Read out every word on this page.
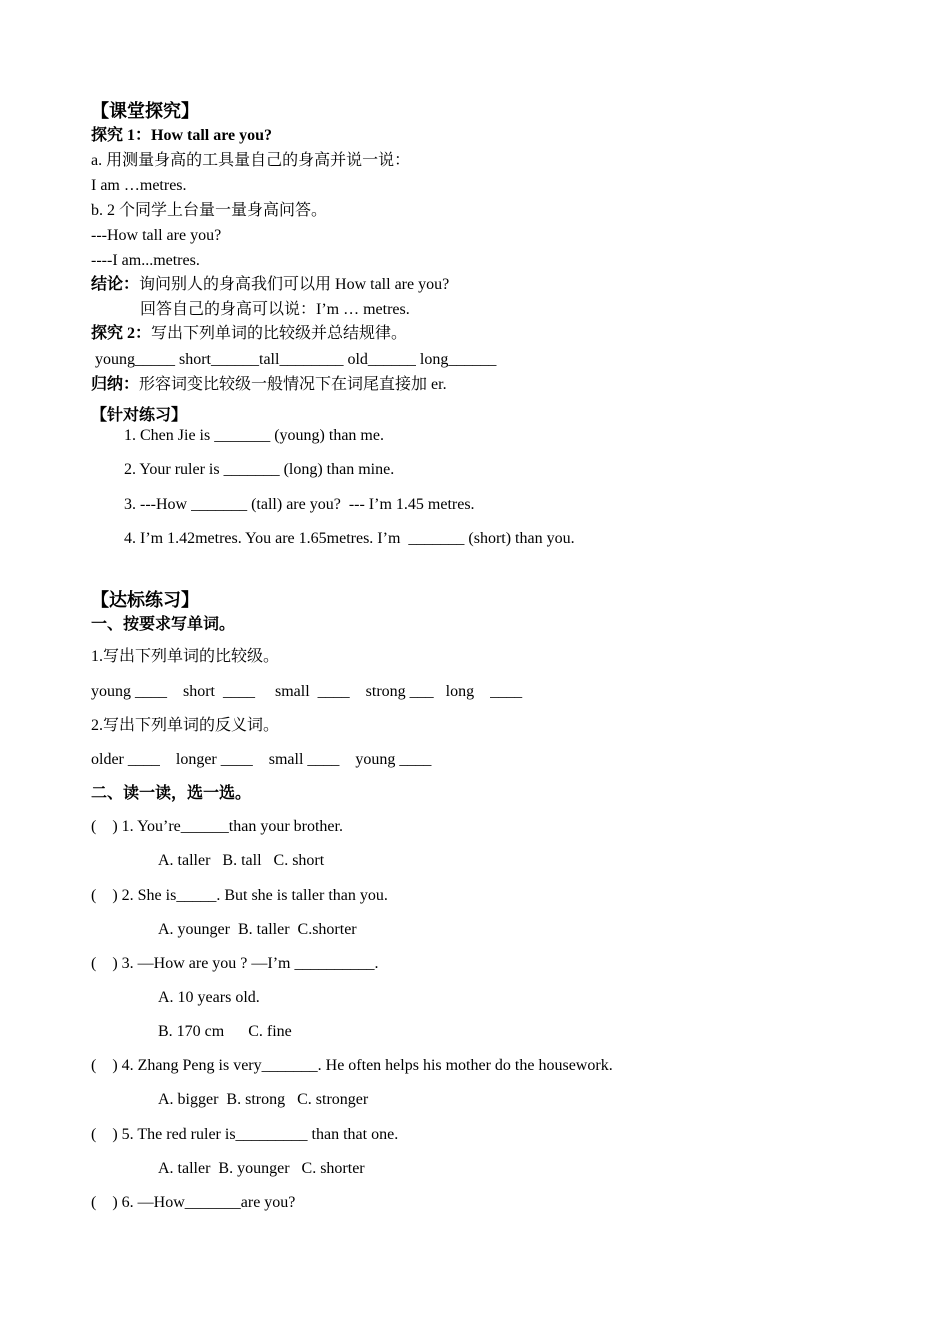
【课堂探究】
探究 1：How tall are you?
a. 用测量身高的工具量自己的身高并说一说：
I am …metres.
b. 2 个同学上台量一量身高问答。
---How tall are you?
----I am...metres.
结论：询问别人的身高我们可以用 How tall are you?
回答自己的身高可以说：I’m … metres.
探究 2：写出下列单词的比较级并总结规律。
young_____ short______tall________ old______ long______
归纳：形容词变比较级一般情况下在词尾直接加 er.
【针对练习】
1. Chen Jie is _______ (young) than me.
2. Your ruler is _______ (long) than mine.
3. ---How _______ (tall) are you?  --- I’m 1.45 metres.
4. I’m 1.42metres. You are 1.65metres. I’m  _______ (short) than you.
【达标练习】
一、按要求写单词。
1.写出下列单词的比较级。
young ____    short  ____     small  ____    strong ___   long    ____
2.写出下列单词的反义词。
older ____    longer ____    small ____    young ____
二、读一读，选一选。
(    ) 1. You’re______than your brother.
A. taller   B. tall   C. short
(    ) 2. She is_____. But she is taller than you.
A. younger  B. taller  C.shorter
(    ) 3. —How are you ? —I’m __________.
A. 10 years old.
B. 170 cm      C. fine
(    ) 4. Zhang Peng is very_______. He often helps his mother do the housework.
A. bigger  B. strong   C. stronger
(    ) 5. The red ruler is_________ than that one.
A. taller  B. younger   C. shorter
(    ) 6. —How_______are you?
